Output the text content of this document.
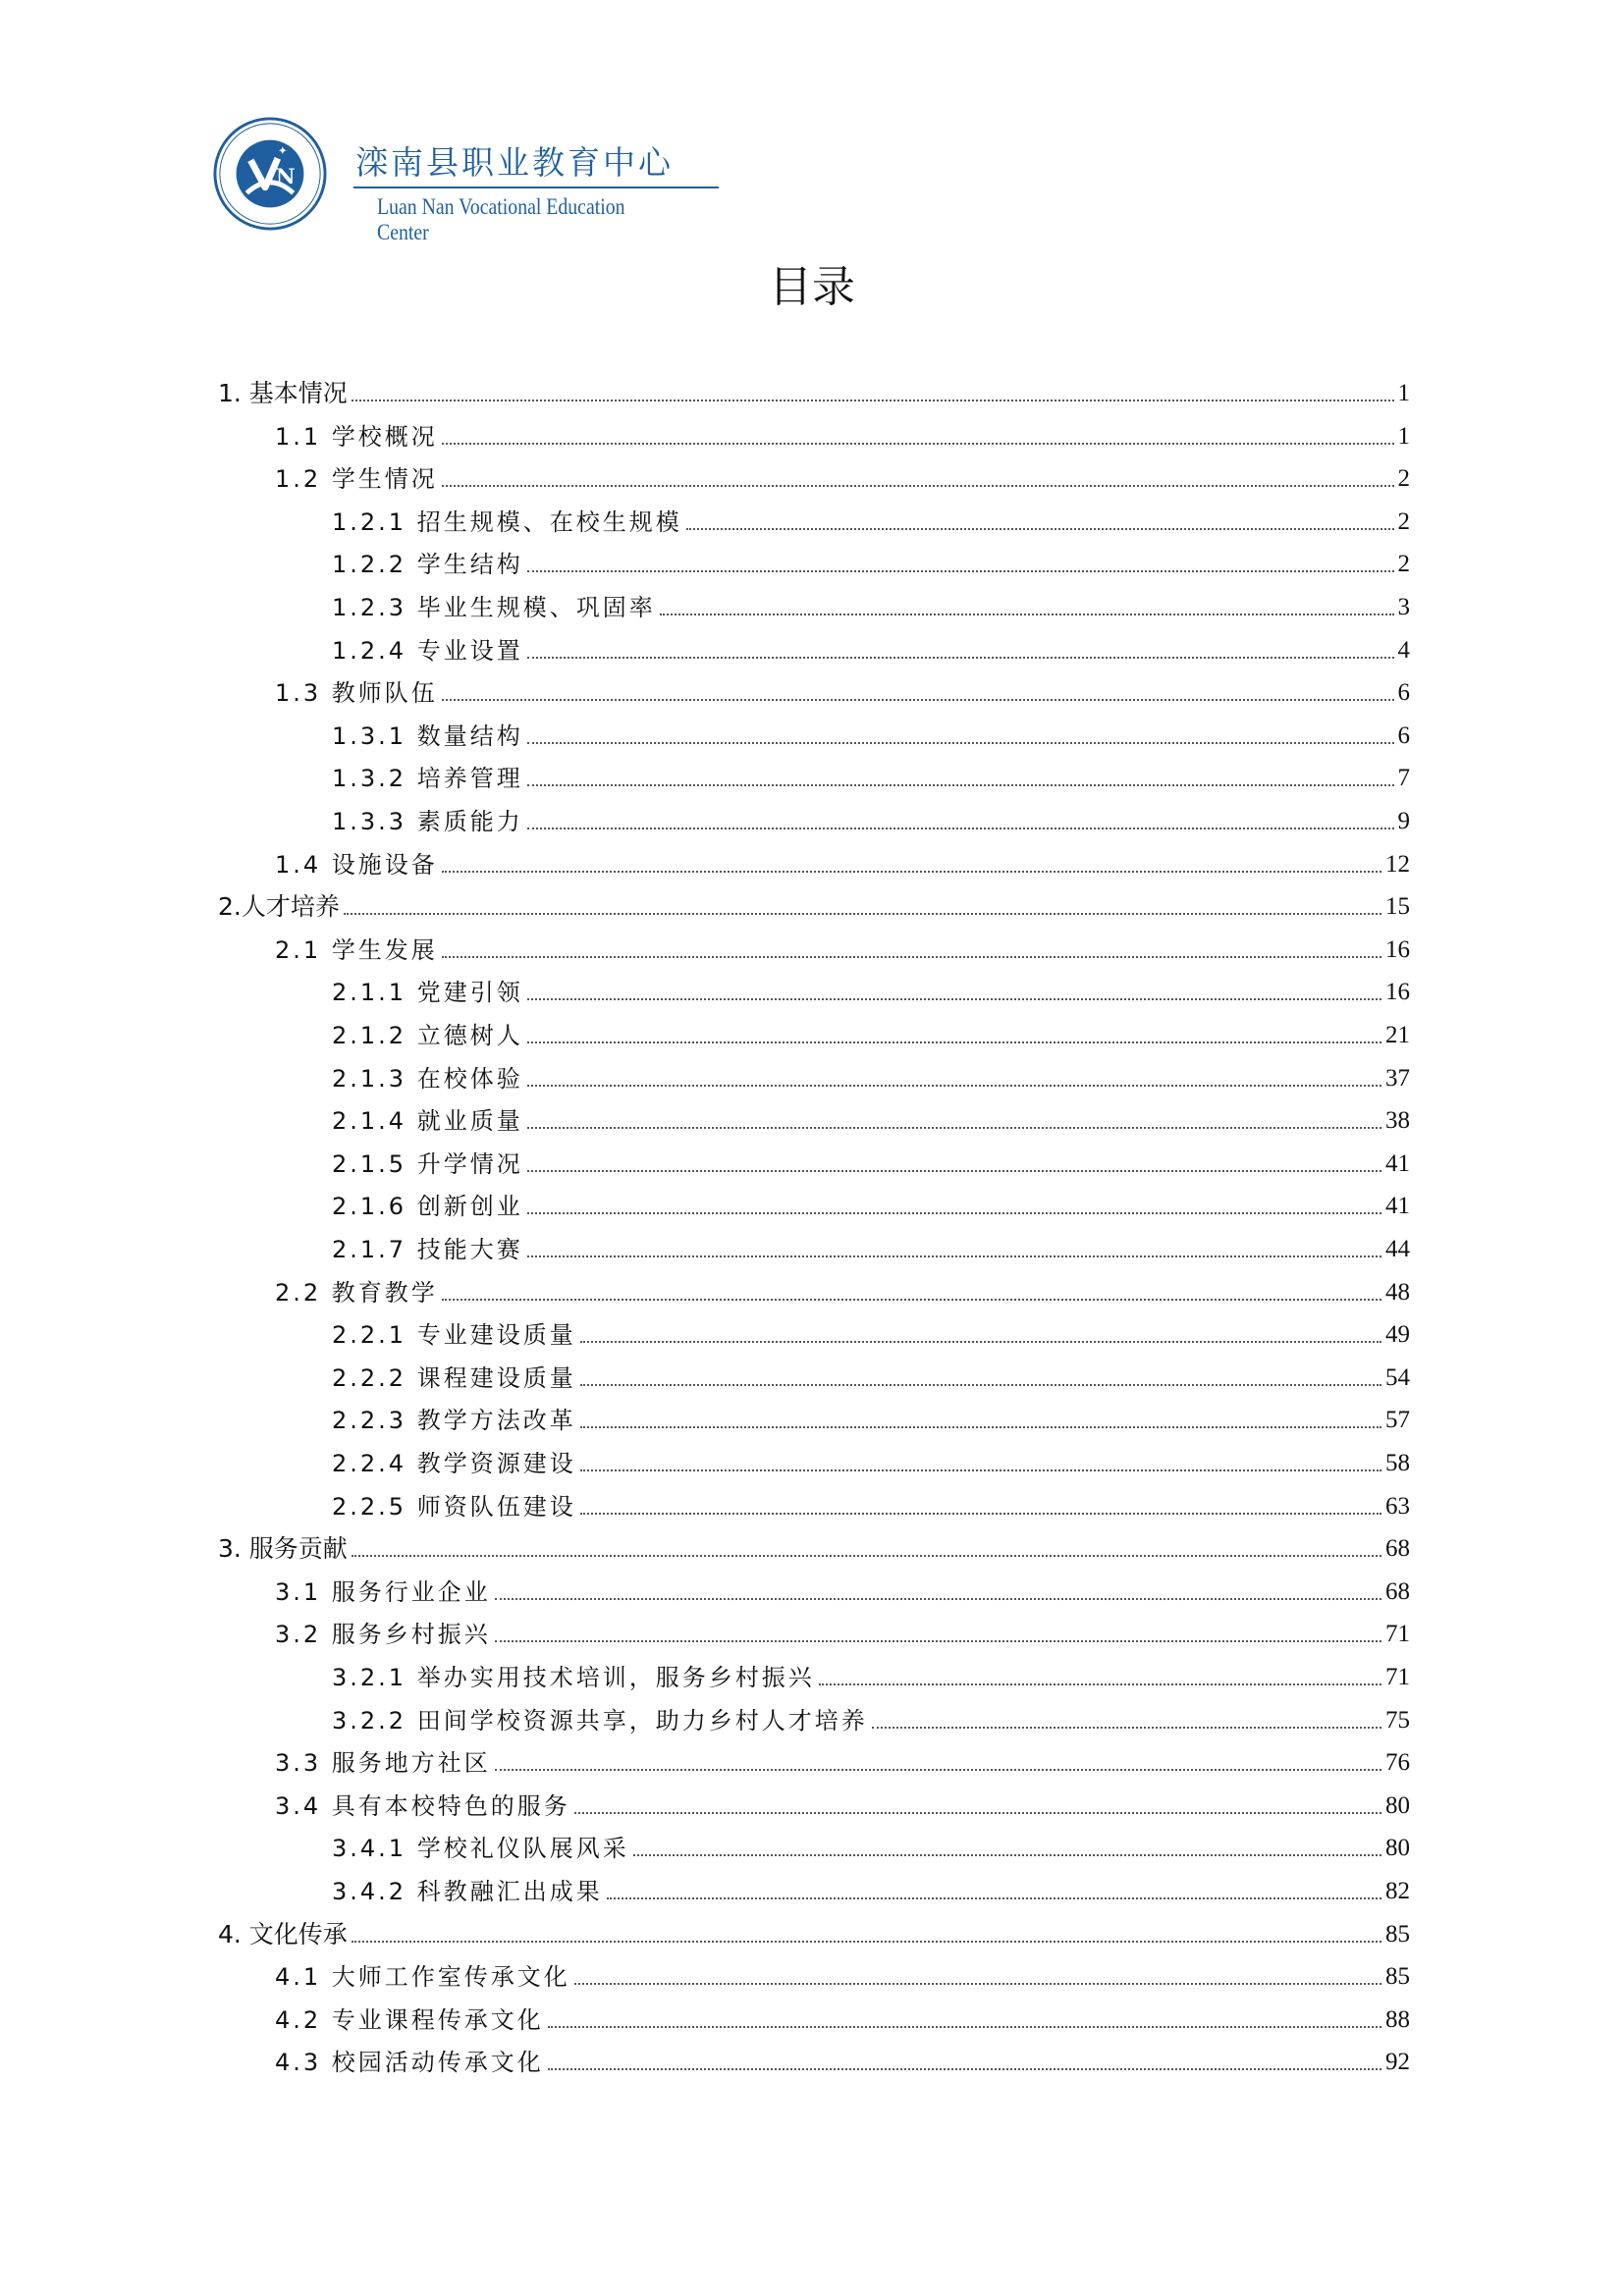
N
✦ 滦南县职业教育中心
Luan Nan Vocational Education Center
目录
1. 基本情况	1
1.1 学校概况	1
1.2 学生情况	2
1.2.1 招生规模、在校生规模	2
1.2.2 学生结构	2
1.2.3 毕业生规模、巩固率	3
1.2.4 专业设置	4
1.3 教师队伍	6
1.3.1 数量结构	6
1.3.2 培养管理	7
1.3.3 素质能力	9
1.4 设施设备	12
2.人才培养	15
2.1 学生发展	16
2.1.1 党建引领	16
2.1.2 立德树人	21
2.1.3 在校体验	37
2.1.4 就业质量	38
2.1.5 升学情况	41
2.1.6 创新创业	41
2.1.7 技能大赛	44
2.2 教育教学	48
2.2.1 专业建设质量	49
2.2.2 课程建设质量	54
2.2.3 教学方法改革	57
2.2.4 教学资源建设	58
2.2.5 师资队伍建设	63
3. 服务贡献	68
3.1 服务行业企业	68
3.2 服务乡村振兴	71
3.2.1 举办实用技术培训，服务乡村振兴	71
3.2.2 田间学校资源共享，助力乡村人才培养	75
3.3 服务地方社区	76
3.4 具有本校特色的服务	80
3.4.1 学校礼仪队展风采	80
3.4.2 科教融汇出成果	82
4. 文化传承	85
4.1 大师工作室传承文化	85
4.2 专业课程传承文化	88
4.3 校园活动传承文化	92
